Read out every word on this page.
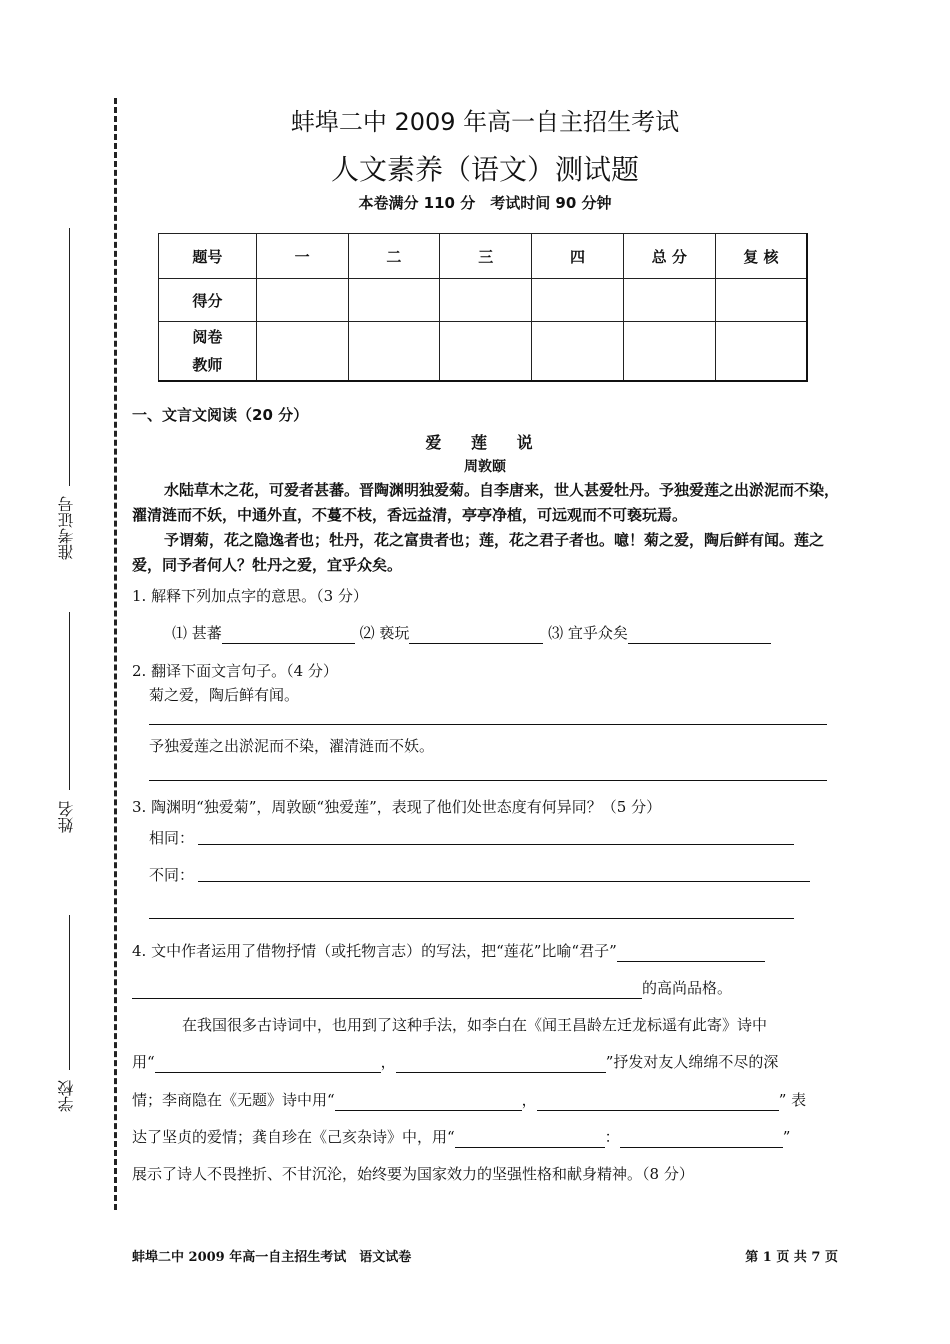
准考证号
姓名
学校
蚌埠二中 2009 年高一自主招生考试
人文素养（语文）测试题
本卷满分 110 分　考试时间 90 分钟
题号	一	二	三	四	总 分	复 核
得分						

阅卷
教师						

一、文言文阅读（20 分）
爱 莲 说
周敦颐
水陆草木之花，可爱者甚蕃。晋陶渊明独爱菊。自李唐来，世人甚爱牡丹。予独爱莲之出淤泥而不染，濯清涟而不妖，中通外直，不蔓不枝，香远益清，亭亭净植，可远观而不可亵玩焉。
予谓菊，花之隐逸者也；牡丹，花之富贵者也；莲，花之君子者也。噫！菊之爱，陶后鲜有闻。莲之爱，同予者何人？牡丹之爱，宜乎众矣。
1. 解释下列加点字的意思。（3 分）
⑴ 甚蕃	⑵ 亵玩	⑶ 宜乎众矣
2. 翻译下面文言句子。（4 分）
菊之爱，陶后鲜有闻。
予独爱莲之出淤泥而不染，濯清涟而不妖。
3. 陶渊明“独爱菊”，周敦颐“独爱莲”，表现了他们处世态度有何异同？（5 分）
相同：
不同：
4. 文中作者运用了借物抒情（或托物言志）的写法，把“莲花”比喻“君子”
的高尚品格。
在我国很多古诗词中，也用到了这种手法，如李白在《闻王昌龄左迁龙标遥有此寄》诗中
用“	，	”抒发对友人绵绵不尽的深
情；李商隐在《无题》诗中用“	，	” 表
达了坚贞的爱情；龚自珍在《己亥杂诗》中，用“	：	”
展示了诗人不畏挫折、不甘沉沦，始终要为国家效力的坚强性格和献身精神。（8 分）
蚌埠二中 2009 年高一自主招生考试　语文试卷	第 1 页 共 7 页
